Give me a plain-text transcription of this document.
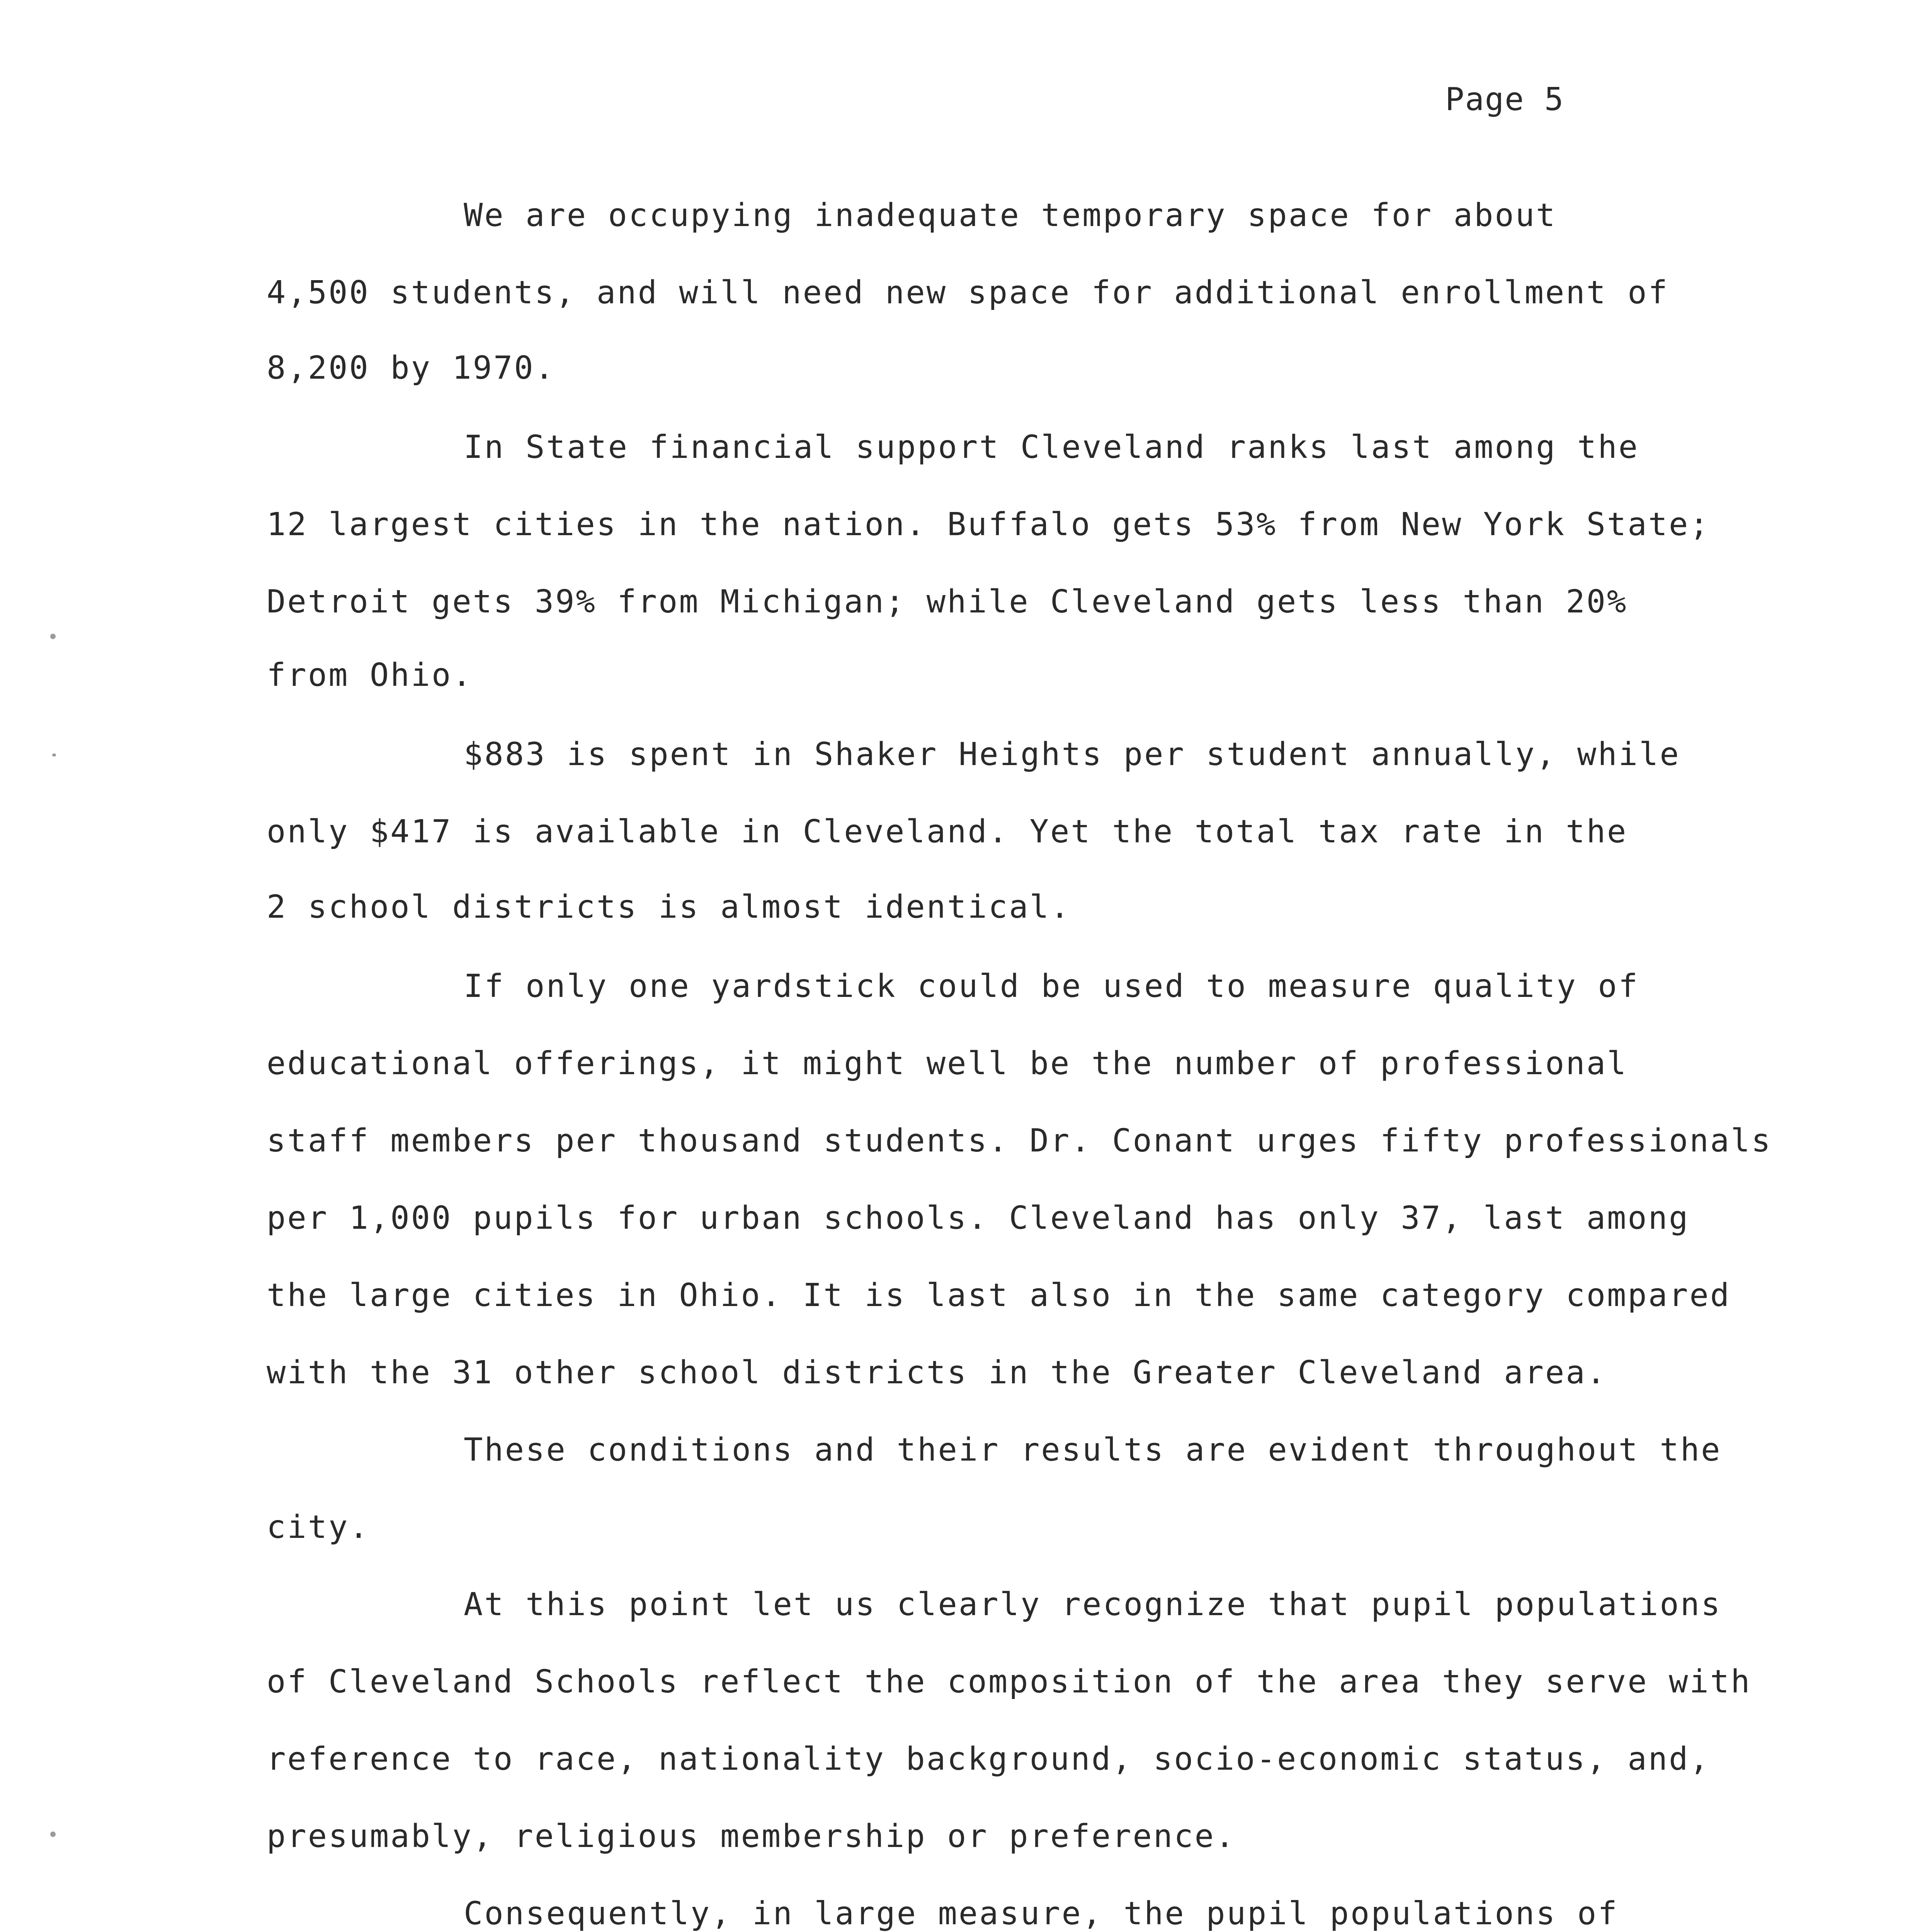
Page 5
We are occupying inadequate temporary space for about
4,500 students, and will need new space for additional enrollment of
8,200 by 1970.
In State financial support Cleveland ranks last among the
12 largest cities in the nation. Buffalo gets 53% from New York State;
Detroit gets 39% from Michigan; while Cleveland gets less than 20%
from Ohio.
$883 is spent in Shaker Heights per student annually, while
only $417 is available in Cleveland. Yet the total tax rate in the
2 school districts is almost identical.
If only one yardstick could be used to measure quality of
educational offerings, it might well be the number of professional
staff members per thousand students. Dr. Conant urges fifty professionals
per 1,000 pupils for urban schools. Cleveland has only 37, last among
the large cities in Ohio. It is last also in the same category compared
with the 31 other school districts in the Greater Cleveland area.
These conditions and their results are evident throughout the
city.
At this point let us clearly recognize that pupil populations
of Cleveland Schools reflect the composition of the area they serve with
reference to race, nationality background, socio-economic status, and,
presumably, religious membership or preference.
Consequently, in large measure, the pupil populations of
